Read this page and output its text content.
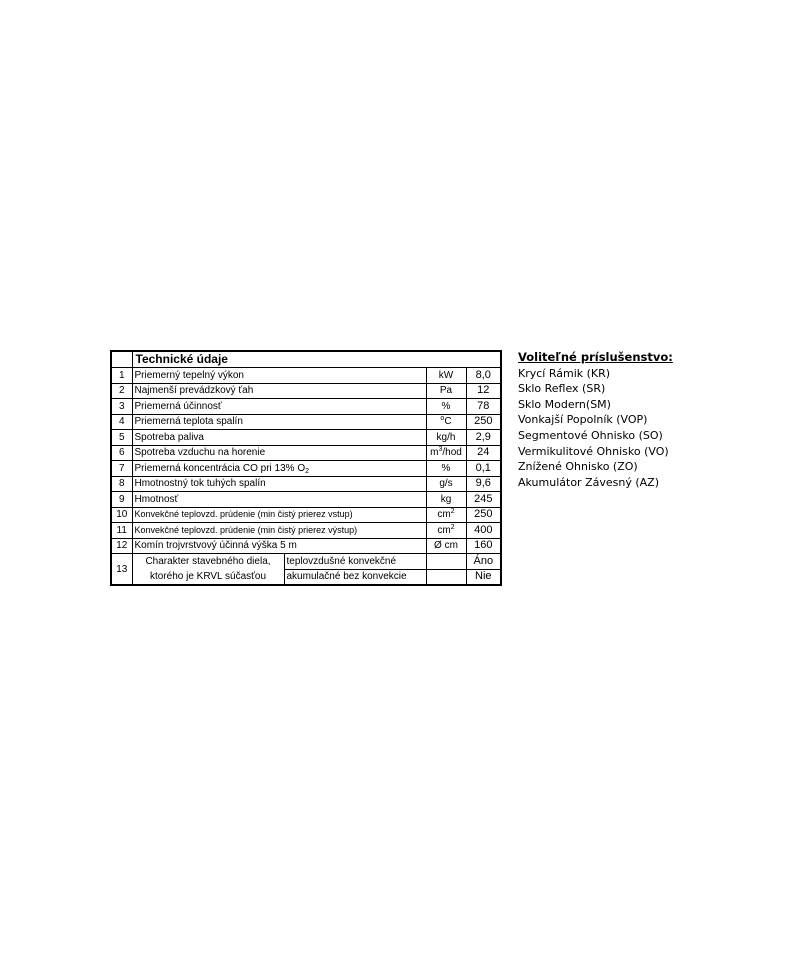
	Technické údaje			
1	Priemerný tepelný výkon		kW	8,0
2	Najmenší prevádzkový ťah		Pa	12
3	Priemerná účinnosť		%	78
4	Priemerná teplota spalín		$^o$C	250
5	Spotreba paliva		kg/h	2,9
6	Spotreba vzduchu na horenie		$m^3$/hod	24
7	Priemerná koncentrácia CO pri 13% $O_2$		%	0,1
8	Hmotnostný tok tuhých spalín		g/s	9,6
9	Hmotnosť		kg	245
10	Konvekčné teplovzd. prúdenie (min čistý prierez vstup)		$cm^2$	250
11	Konvekčné teplovzd. prúdenie (min čistý prierez výstup)		$cm^2$	400
12	Komín trojvrstvový účinná výška 5 m		Ø cm	160
13	Charakter stavebného diela,	teplovzdušné konvekčné		Áno
	ktorého je KRVL súčasťou	akumulačné bez konvekcie		Nie
Voliteľné príslušenstvo:
Krycí Rámik (KR)
Sklo Reflex (SR)
Sklo Modern(SM)
Vonkajší Popolník (VOP)
Segmentové Ohnisko (SO)
Vermikulitové Ohnisko (VO)
Znížené Ohnisko (ZO)
Akumulátor Závesný (AZ)
